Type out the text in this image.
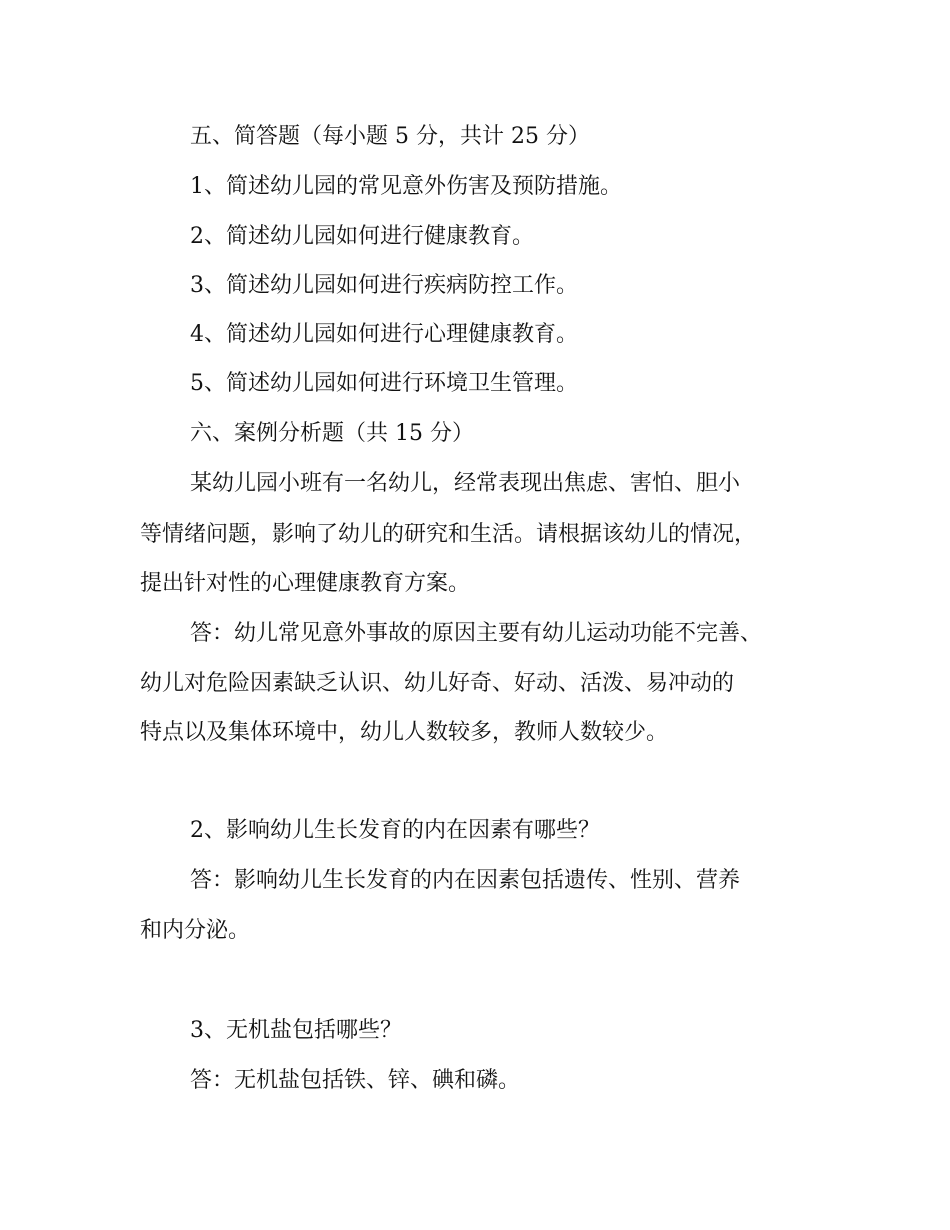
五、简答题（每小题 5 分，共计 25 分）
1、简述幼儿园的常见意外伤害及预防措施。
2、简述幼儿园如何进行健康教育。
3、简述幼儿园如何进行疾病防控工作。
4、简述幼儿园如何进行心理健康教育。
5、简述幼儿园如何进行环境卫生管理。
六、案例分析题（共 15 分）
某幼儿园小班有一名幼儿，经常表现出焦虑、害怕、胆小
等情绪问题，影响了幼儿的研究和生活。请根据该幼儿的情况，
提出针对性的心理健康教育方案。
答：幼儿常见意外事故的原因主要有幼儿运动功能不完善、
幼儿对危险因素缺乏认识、幼儿好奇、好动、活泼、易冲动的
特点以及集体环境中，幼儿人数较多，教师人数较少。
2、影响幼儿生长发育的内在因素有哪些？
答：影响幼儿生长发育的内在因素包括遗传、性别、营养
和内分泌。
3、无机盐包括哪些？
答：无机盐包括铁、锌、碘和磷。
